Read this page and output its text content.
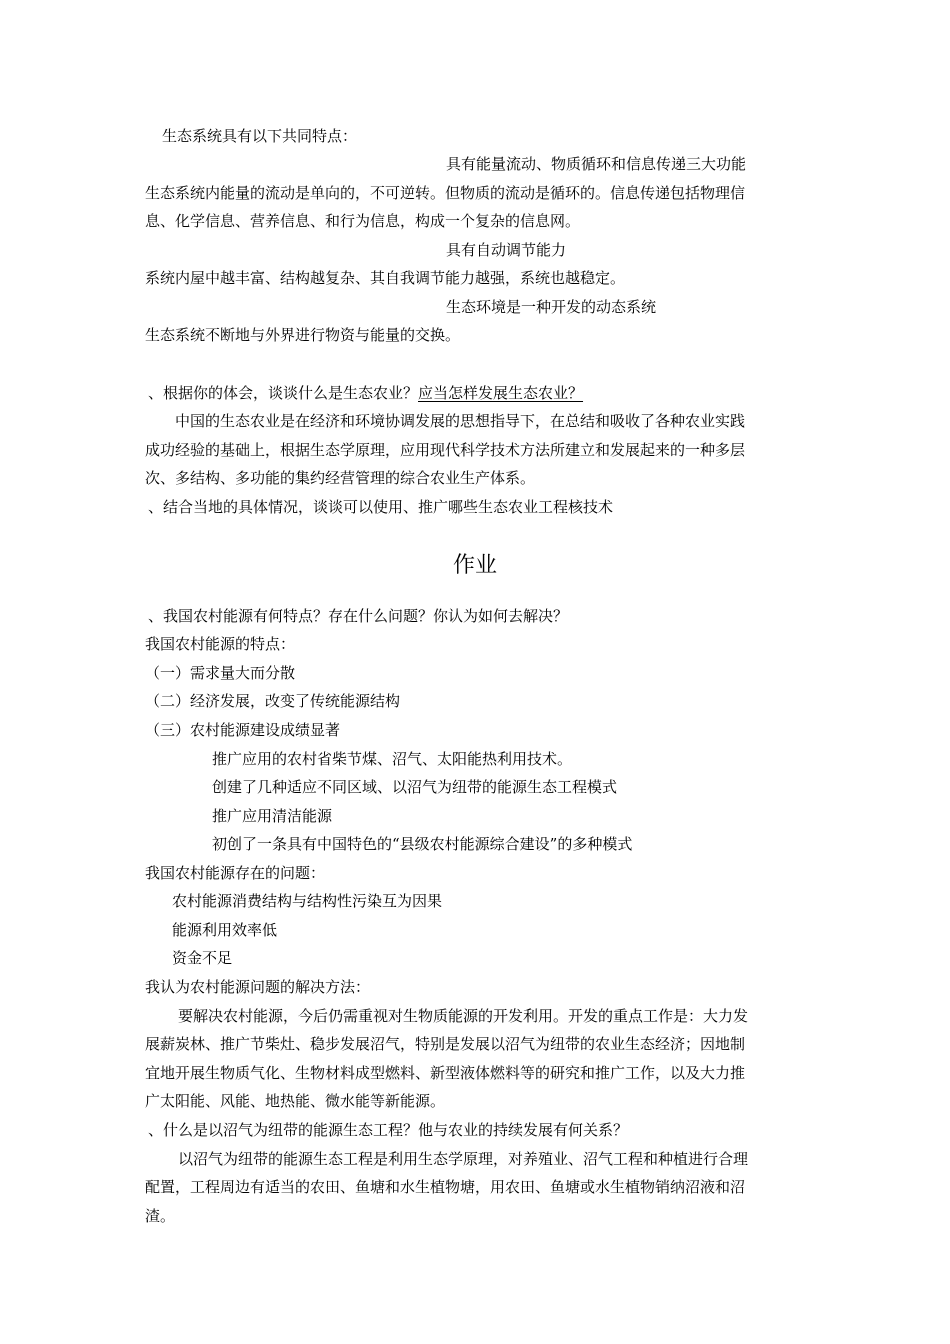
生态系统具有以下共同特点：
具有能量流动、物质循环和信息传递三大功能
生态系统内能量的流动是单向的，不可逆转。但物质的流动是循环的。信息传递包括物理信
息、化学信息、营养信息、和行为信息，构成一个复杂的信息网。
具有自动调节能力
系统内屋中越丰富、结构越复杂、其自我调节能力越强，系统也越稳定。
生态环境是一种开发的动态系统
生态系统不断地与外界进行物资与能量的交换。
、根据你的体会，谈谈什么是生态农业？应当怎样发展生态农业？
中国的生态农业是在经济和环境协调发展的思想指导下，在总结和吸收了各种农业实践
成功经验的基础上，根据生态学原理，应用现代科学技术方法所建立和发展起来的一种多层
次、多结构、多功能的集约经营管理的综合农业生产体系。
、结合当地的具体情况，谈谈可以使用、推广哪些生态农业工程核技术
作业
、我国农村能源有何特点？存在什么问题？你认为如何去解决？
我国农村能源的特点：
（一）需求量大而分散
（二）经济发展，改变了传统能源结构
（三）农村能源建设成绩显著
推广应用的农村省柴节煤、沼气、太阳能热利用技术。
创建了几种适应不同区域、以沼气为纽带的能源生态工程模式
推广应用清洁能源
初创了一条具有中国特色的“县级农村能源综合建设”的多种模式
我国农村能源存在的问题：
农村能源消费结构与结构性污染互为因果
能源利用效率低
资金不足
我认为农村能源问题的解决方法：
要解决农村能源，今后仍需重视对生物质能源的开发利用。开发的重点工作是：大力发
展薪炭林、推广节柴灶、稳步发展沼气，特别是发展以沼气为纽带的农业生态经济；因地制
宜地开展生物质气化、生物材料成型燃料、新型液体燃料等的研究和推广工作，以及大力推
广太阳能、风能、地热能、微水能等新能源。
、什么是以沼气为纽带的能源生态工程？他与农业的持续发展有何关系？
以沼气为纽带的能源生态工程是利用生态学原理，对养殖业、沼气工程和种植进行合理
配置，工程周边有适当的农田、鱼塘和水生植物塘，用农田、鱼塘或水生植物销纳沼液和沼
渣。
